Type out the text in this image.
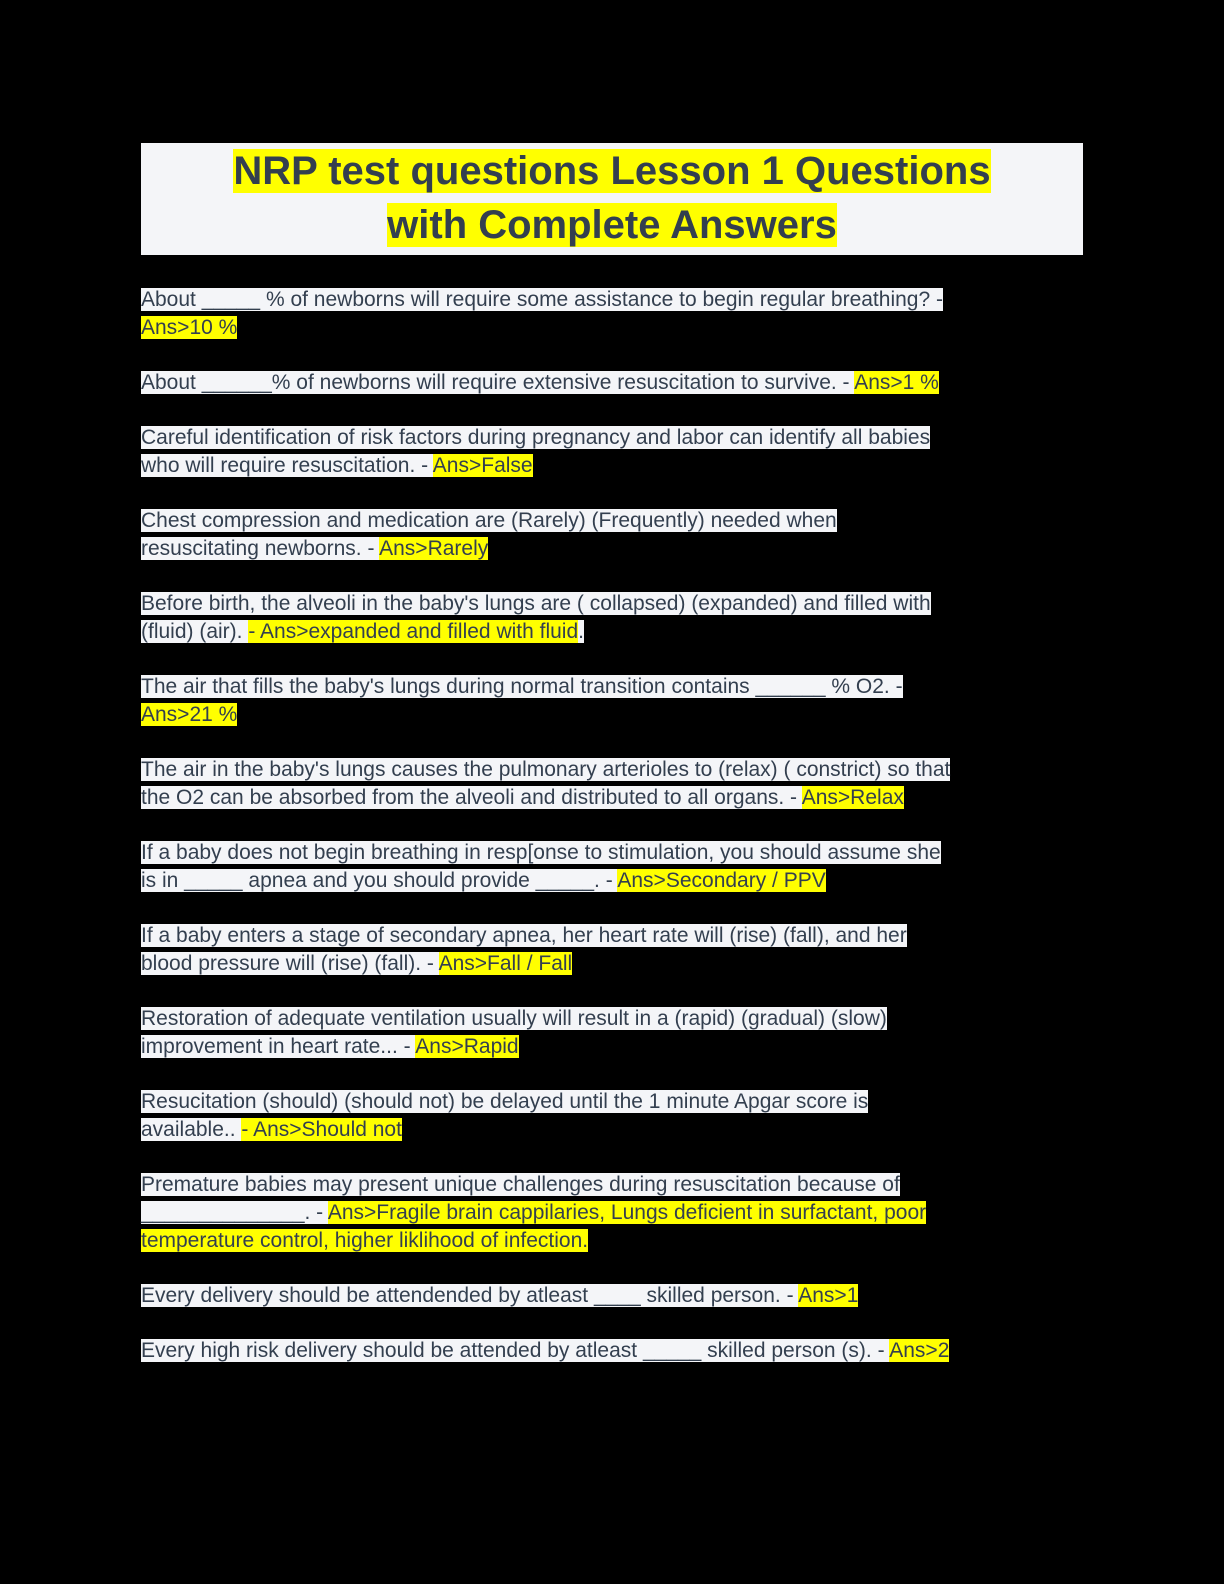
NRP test questions Lesson 1 Questions
with Complete Answers

About _____ % of newborns will require some assistance to begin regular breathing? -
Ans>10 %

About ______% of newborns will require extensive resuscitation to survive. - Ans>1 %

Careful identification of risk factors during pregnancy and labor can identify all babies
who will require resuscitation. - Ans>False

Chest compression and medication are (Rarely) (Frequently) needed when
resuscitating newborns. - Ans>Rarely

Before birth, the alveoli in the baby's lungs are ( collapsed) (expanded) and filled with
(fluid) (air). - Ans>expanded and filled with fluid.

The air that fills the baby's lungs during normal transition contains ______ % O2. -
Ans>21 %

The air in the baby's lungs causes the pulmonary arterioles to (relax) ( constrict) so that
the O2 can be absorbed from the alveoli and distributed to all organs. - Ans>Relax

If a baby does not begin breathing in resp[onse to stimulation, you should assume she
is in _____ apnea and you should provide _____. - Ans>Secondary / PPV

If a baby enters a stage of secondary apnea, her heart rate will (rise) (fall), and her
blood pressure will (rise) (fall). - Ans>Fall / Fall

Restoration of adequate ventilation usually will result in a (rapid) (gradual) (slow)
improvement in heart rate... - Ans>Rapid

Resucitation (should) (should not) be delayed until the 1 minute Apgar score is
available.. - Ans>Should not

Premature babies may present unique challenges during resuscitation because of
______________. - Ans>Fragile brain cappilaries, Lungs deficient in surfactant, poor
temperature control, higher liklihood of infection.

Every delivery should be attendended by atleast ____ skilled person. - Ans>1

Every high risk delivery should be attended by atleast _____ skilled person (s). - Ans>2
